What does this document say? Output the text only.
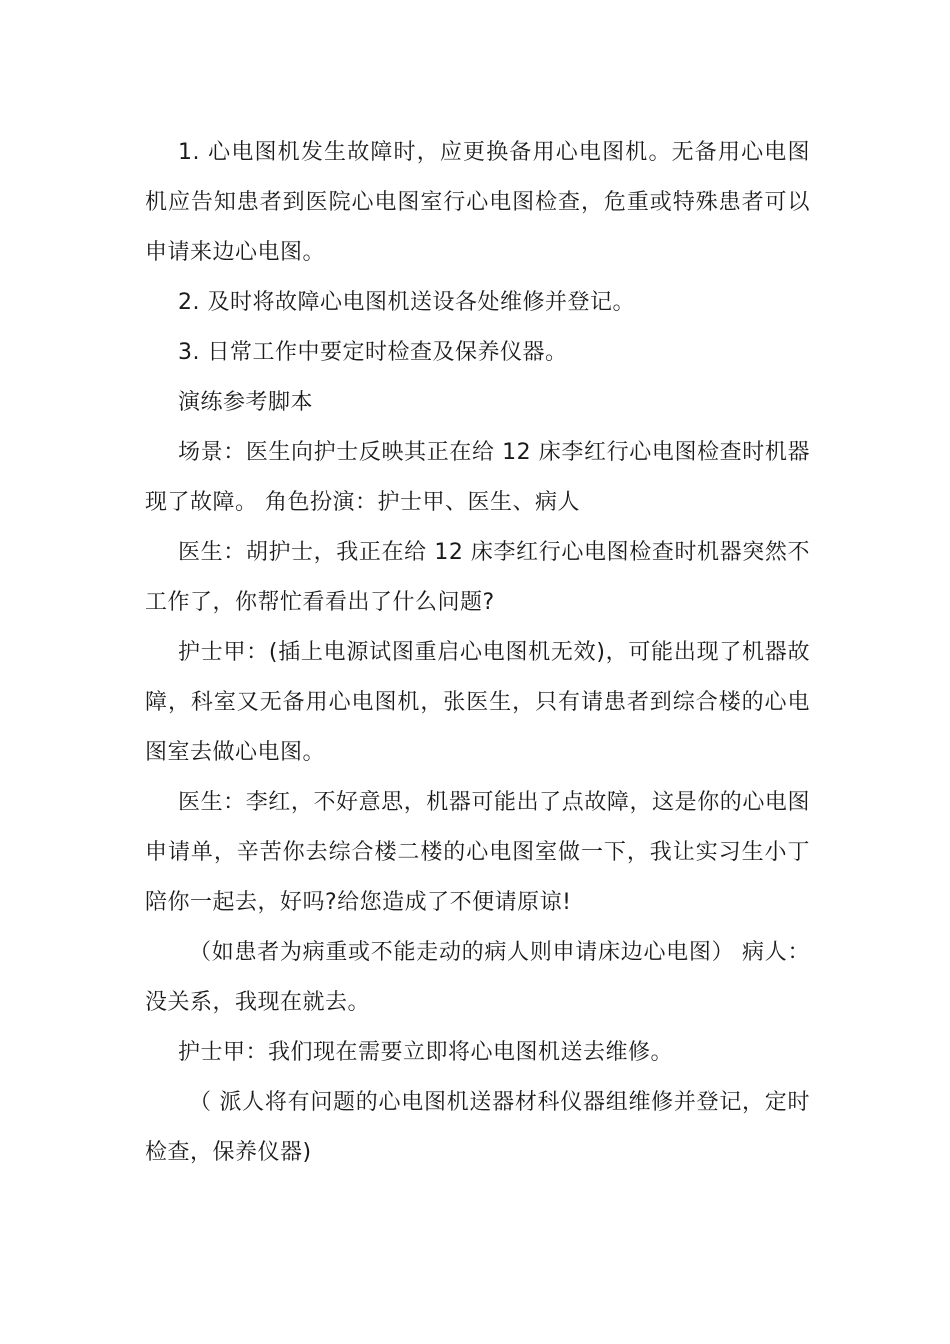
1. 心电图机发生故障时，应更换备用心电图机。无备用心电图机应告知患者到医院心电图室行心电图检查，危重或特殊患者可以申请来边心电图。

2. 及时将故障心电图机送设各处维修并登记。

3. 日常工作中要定时检查及保养仪器。

演练参考脚本

场景：医生向护士反映其正在给 12 床李红行心电图检查时机器现了故障。 角色扮演：护士甲、医生、病人

医生：胡护士，我正在给 12 床李红行心电图检查时机器突然不工作了，你帮忙看看出了什么问题?

护士甲：(插上电源试图重启心电图机无效)，可能出现了机器故障，科室又无备用心电图机，张医生，只有请患者到综合楼的心电图室去做心电图。

医生：李红，不好意思，机器可能出了点故障，这是你的心电图申请单，辛苦你去综合楼二楼的心电图室做一下，我让实习生小丁陪你一起去，好吗?给您造成了不便请原谅!

（如患者为病重或不能走动的病人则申请床边心电图） 病人：没关系，我现在就去。

护士甲：我们现在需要立即将心电图机送去维修。

（ 派人将有问题的心电图机送器材科仪器组维修并登记，定时检查，保养仪器)
